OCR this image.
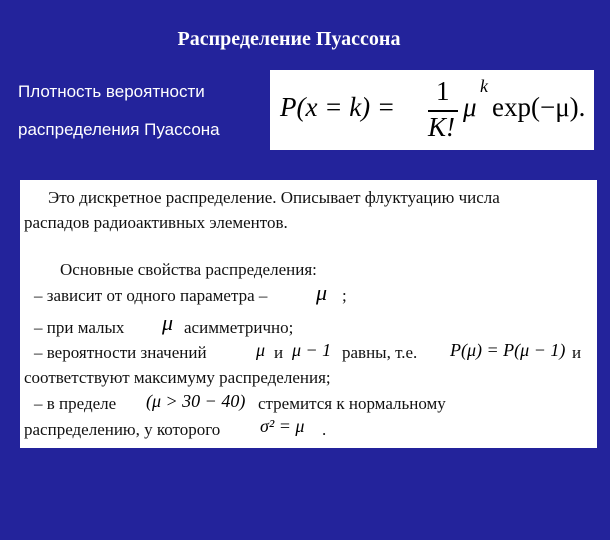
Распределение Пуассона
Плотность вероятности
распределения Пуассона
P(x = k) =
1
K!
μ
k
exp(−μ).
Это дискретное распределение. Описывает флуктуацию числа
распадов радиоактивных элементов.
Основные свойства распределения:
– зависит от одного параметра – μ ;
– при малых μ асимметрично;
– вероятности значений	μ и μ − 1 равны, т.е. P(μ) = P(μ − 1) и
соответствуют максимуму распределения;
– в пределе (μ > 30 − 40) стремится к нормальному
распределению, у которого σ² = μ .
